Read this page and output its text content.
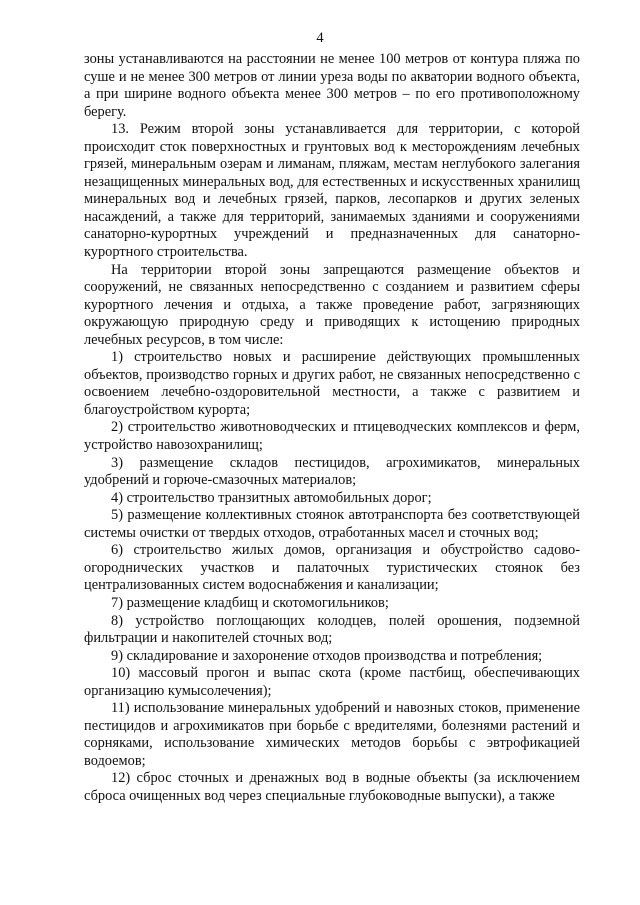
4

зоны устанавливаются на расстоянии не менее 100 метров от контура пляжа по суше и не менее 300 метров от линии уреза воды по акватории водного объекта, а при ширине водного объекта менее 300 метров – по его противоположному берегу.

13. Режим второй зоны устанавливается для территории, с которой происходит сток поверхностных и грунтовых вод к месторождениям лечебных грязей, минеральным озерам и лиманам, пляжам, местам неглубокого залегания незащищенных минеральных вод, для естественных и искусственных хранилищ минеральных вод и лечебных грязей, парков, лесопарков и других зеленых насаждений, а также для территорий, занимаемых зданиями и сооружениями санаторно-курортных учреждений и предназначенных для санаторно-курортного строительства.

На территории второй зоны запрещаются размещение объектов и сооружений, не связанных непосредственно с созданием и развитием сферы курортного лечения и отдыха, а также проведение работ, загрязняющих окружающую природную среду и приводящих к истощению природных лечебных ресурсов, в том числе:

1) строительство новых и расширение действующих промышленных объектов, производство горных и других работ, не связанных непосредственно с освоением лечебно-оздоровительной местности, а также с развитием и благоустройством курорта;

2) строительство животноводческих и птицеводческих комплексов и ферм, устройство навозохранилищ;

3) размещение складов пестицидов, агрохимикатов, минеральных удобрений и горюче-смазочных материалов;

4) строительство транзитных автомобильных дорог;

5) размещение коллективных стоянок автотранспорта без соответствующей системы очистки от твердых отходов, отработанных масел и сточных вод;

6) строительство жилых домов, организация и обустройство садово-огороднических участков и палаточных туристических стоянок без централизованных систем водоснабжения и канализации;

7) размещение кладбищ и скотомогильников;

8) устройство поглощающих колодцев, полей орошения, подземной фильтрации и накопителей сточных вод;

9) складирование и захоронение отходов производства и потребления;

10) массовый прогон и выпас скота (кроме пастбищ, обеспечивающих организацию кумысолечения);

11) использование минеральных удобрений и навозных стоков, применение пестицидов и агрохимикатов при борьбе с вредителями, болезнями растений и сорняками, использование химических методов борьбы с эвтрофикацией водоемов;

12) сброс сточных и дренажных вод в водные объекты (за исключением сброса очищенных вод через специальные глубоководные выпуски), а также
